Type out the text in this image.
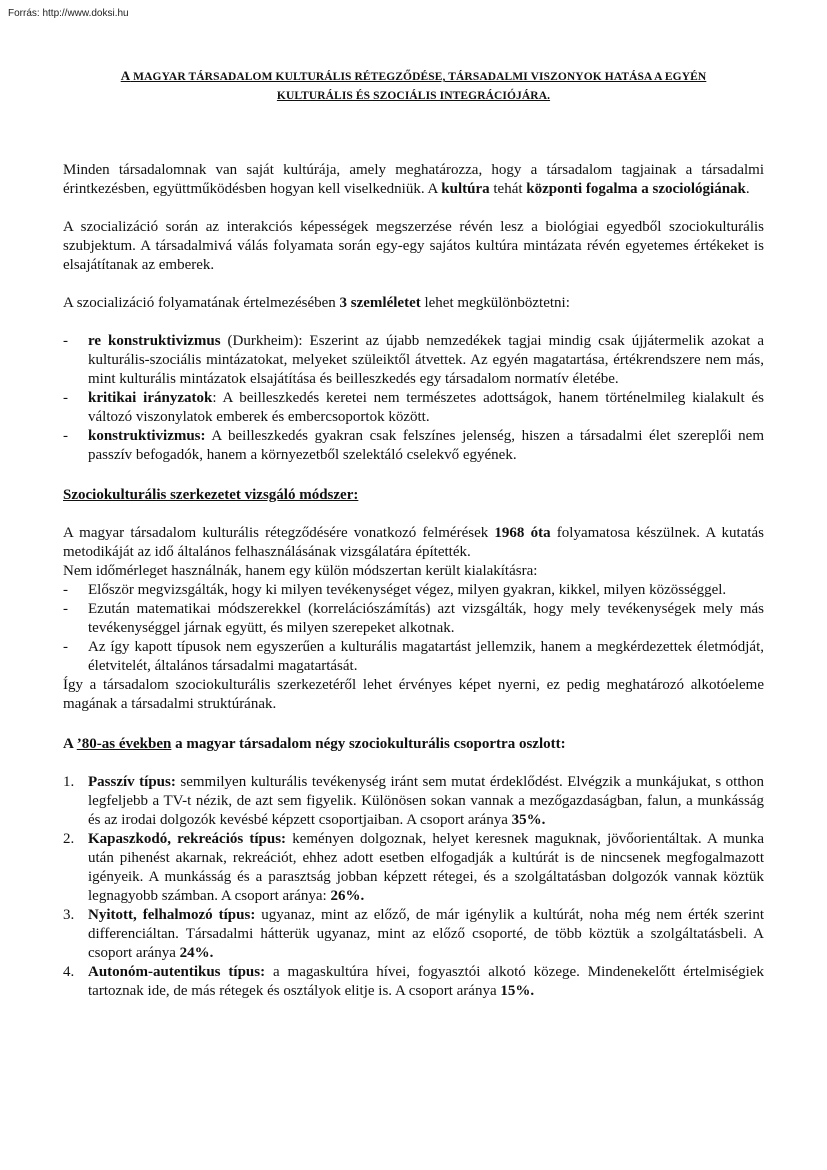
Forrás: http://www.doksi.hu
A MAGYAR TÁRSADALOM KULTURÁLIS RÉTEGZŐDÉSE, TÁRSADALMI VISZONYOK HATÁSA A EGYÉN
KULTURÁLIS ÉS SZOCIÁLIS INTEGRÁCIÓJÁRA.

Minden társadalomnak van saját kultúrája, amely meghatározza, hogy a társadalom tagjainak a társadalmi érintkezésben, együttműködésben hogyan kell viselkedniük. A kultúra tehát központi fogalma a szociológiának.

A szocializáció során az interakciós képességek megszerzése révén lesz a biológiai egyedből szociokulturális szubjektum. A társadalmivá válás folyamata során egy-egy sajátos kultúra mintázata révén egyetemes értékeket is elsajátítanak az emberek.

A szocializáció folyamatának értelmezésében 3 szemléletet lehet megkülönböztetni:

- re konstruktivizmus (Durkheim): Eszerint az újabb nemzedékek tagjai mindig csak újjátermelik azokat a kulturális-szociális mintázatokat, melyeket szüleiktől átvettek. Az egyén magatartása, értékrendszere nem más, mint kulturális mintázatok elsajátítása és beilleszkedés egy társadalom normatív életébe.
- kritikai irányzatok: A beilleszkedés keretei nem természetes adottságok, hanem történelmileg kialakult és változó viszonylatok emberek és embercsoportok között.
- konstruktivizmus: A beilleszkedés gyakran csak felszínes jelenség, hiszen a társadalmi élet szereplői nem passzív befogadók, hanem a környezetből szelektáló cselekvő egyének.

Szociokulturális szerkezetet vizsgáló módszer:

A magyar társadalom kulturális rétegződésére vonatkozó felmérések 1968 óta folyamatosa készülnek. A kutatás metodikáját az idő általános felhasználásának vizsgálatára építették.

Nem időmérleget használnák, hanem egy külön módszertan került kialakításra:

- Először megvizsgálták, hogy ki milyen tevékenységet végez, milyen gyakran, kikkel, milyen közösséggel.
- Ezután matematikai módszerekkel (korrelációszámítás) azt vizsgálták, hogy mely tevékenységek mely más tevékenységgel járnak együtt, és milyen szerepeket alkotnak.
- Az így kapott típusok nem egyszerűen a kulturális magatartást jellemzik, hanem a megkérdezettek életmódját, életvitelét, általános társadalmi magatartását.

Így a társadalom szociokulturális szerkezetéről lehet érvényes képet nyerni, ez pedig meghatározó alkotóeleme magának a társadalmi struktúrának.

A ’80-as években a magyar társadalom négy szociokulturális csoportra oszlott:

1. Passzív típus: semmilyen kulturális tevékenység iránt sem mutat érdeklődést. Elvégzik a munkájukat, s otthon legfeljebb a TV-t nézik, de azt sem figyelik. Különösen sokan vannak a mezőgazdaságban, falun, a munkásság és az irodai dolgozók kevésbé képzett csoportjaiban. A csoport aránya 35%.
2. Kapaszkodó, rekreációs típus: keményen dolgoznak, helyet keresnek maguknak, jövőorientáltak. A munka után pihenést akarnak, rekreációt, ehhez adott esetben elfogadják a kultúrát is de nincsenek megfogalmazott igényeik. A munkásság és a parasztság jobban képzett rétegei, és a szolgáltatásban dolgozók vannak köztük legnagyobb számban. A csoport aránya: 26%.
3. Nyitott, felhalmozó típus: ugyanaz, mint az előző, de már igénylik a kultúrát, noha még nem érték szerint differenciáltan. Társadalmi hátterük ugyanaz, mint az előző csoporté, de több köztük a szolgáltatásbeli. A csoport aránya 24%.
4. Autonóm-autentikus típus: a magaskultúra hívei, fogyasztói alkotó közege. Mindenekelőtt értelmiségiek tartoznak ide, de más rétegek és osztályok elitje is. A csoport aránya 15%.
